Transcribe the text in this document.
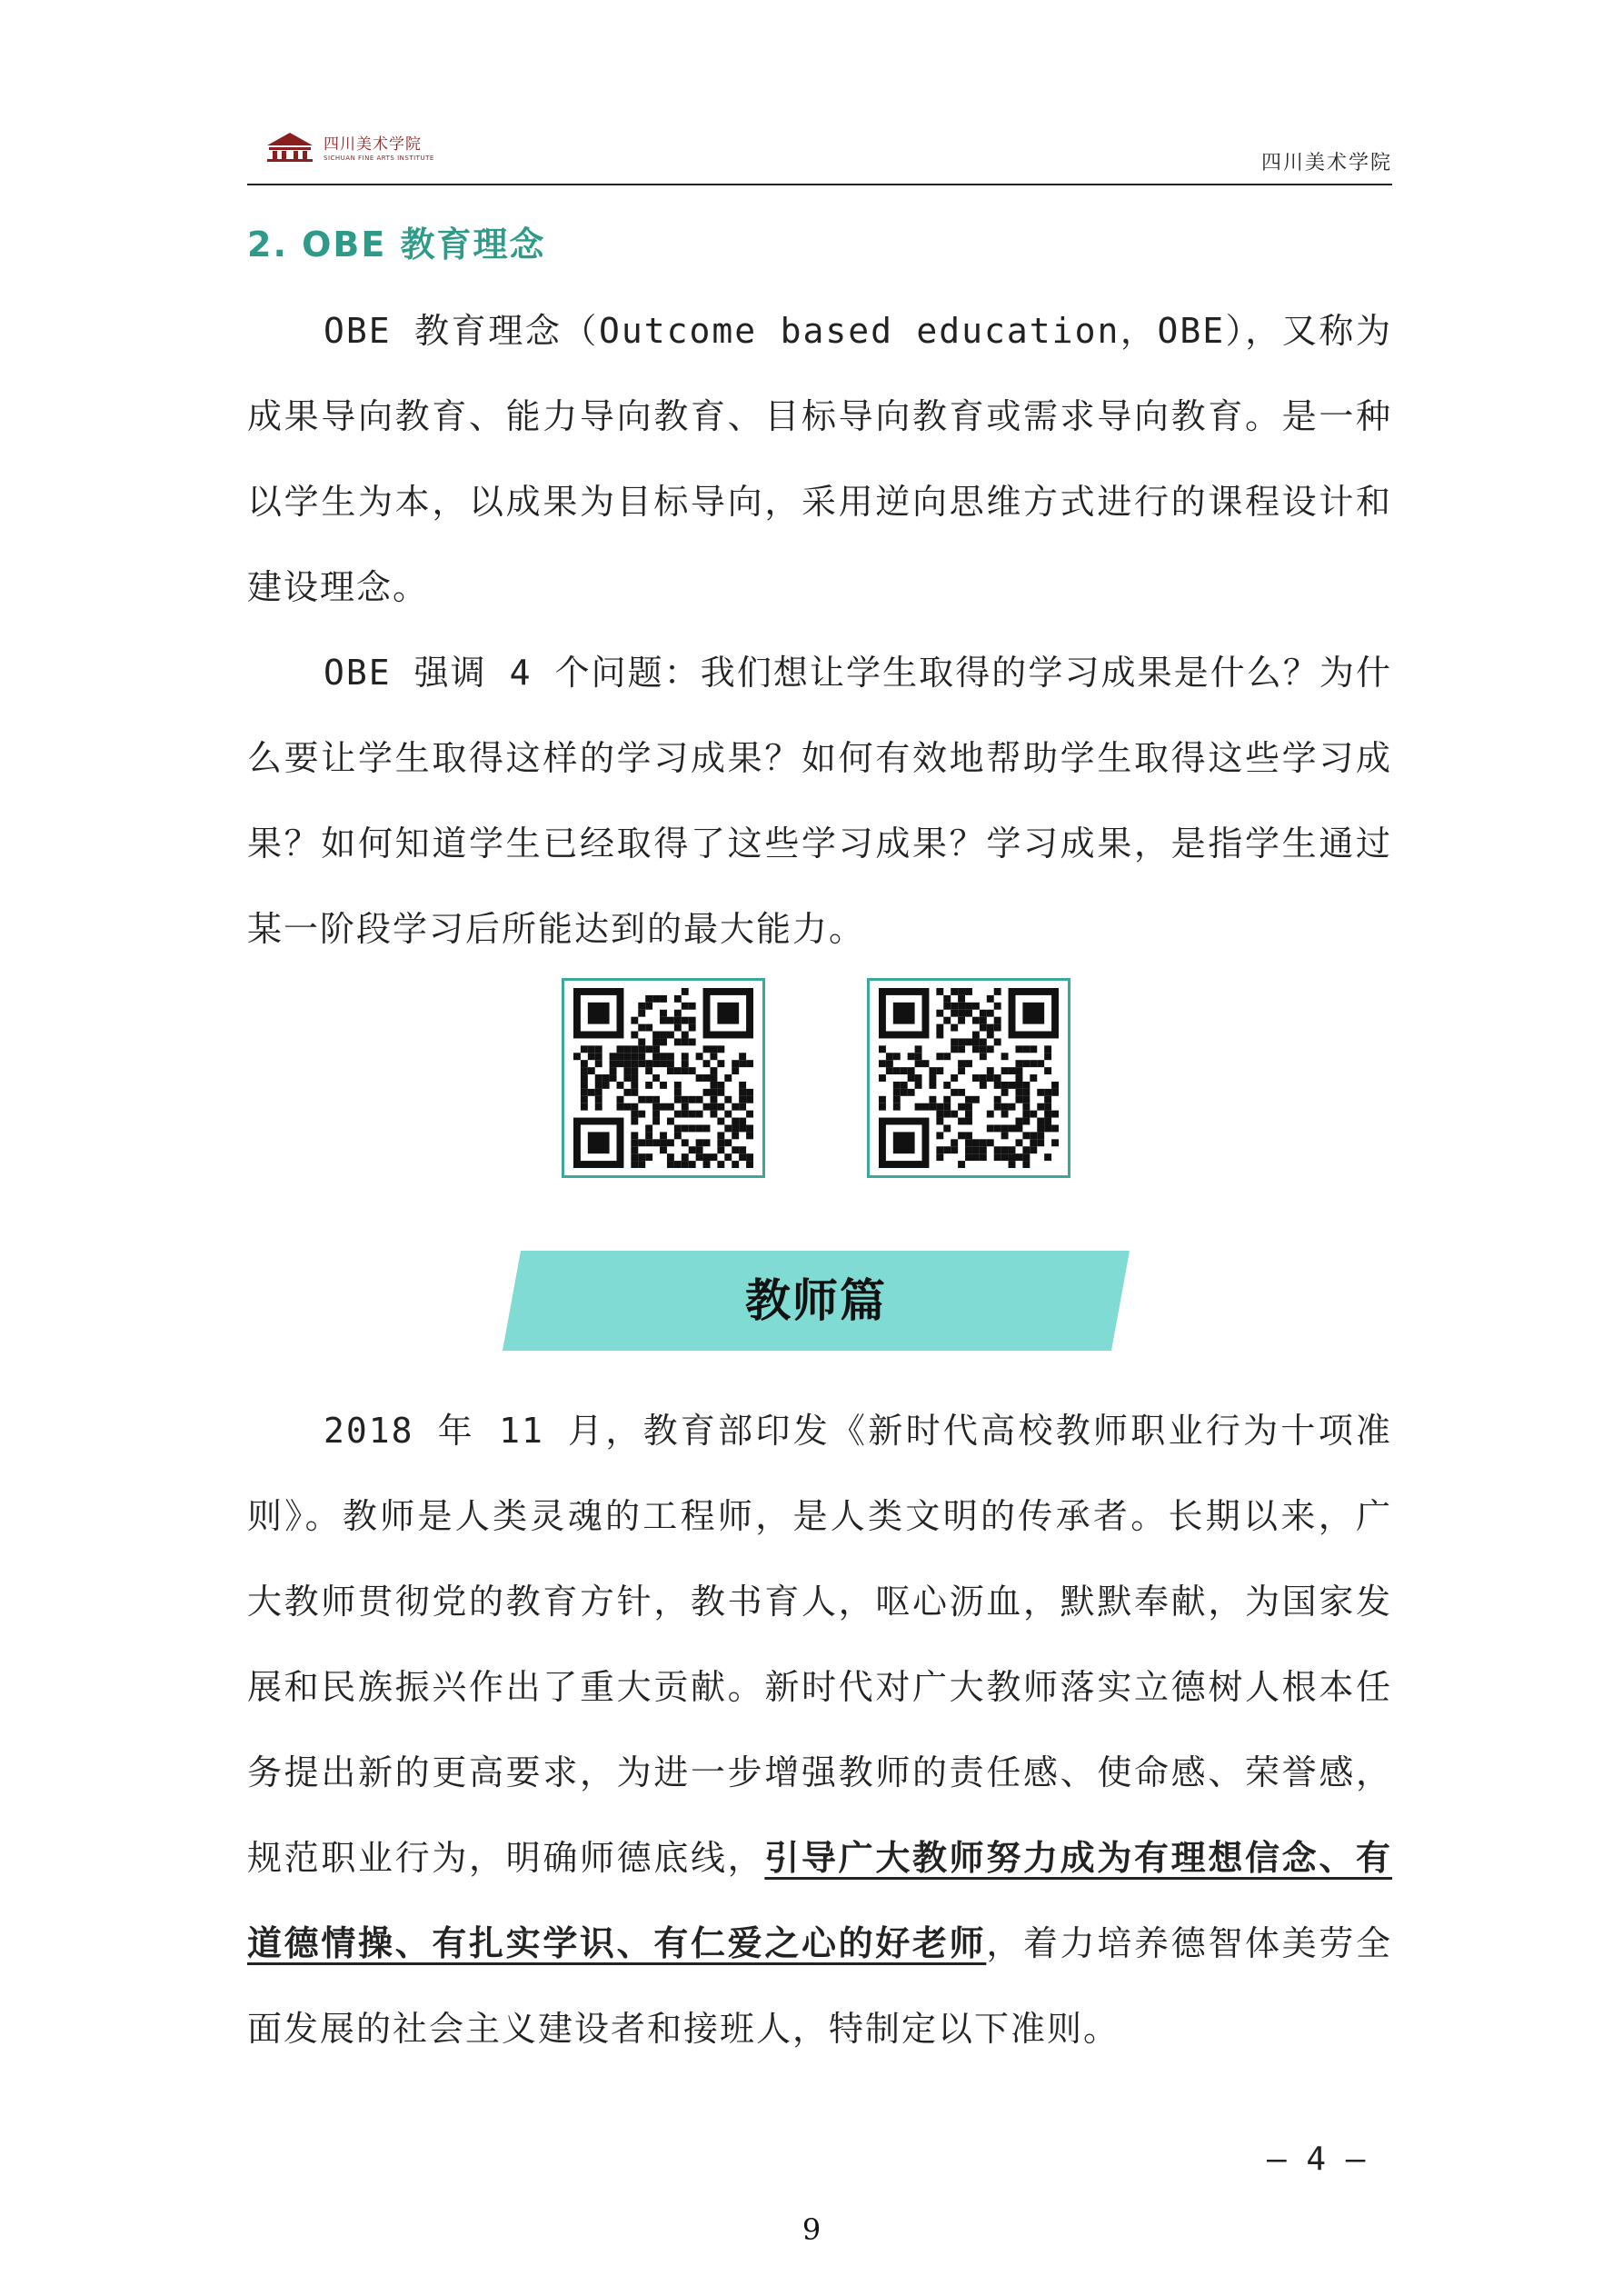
四川美术学院
SICHUAN FINE ARTS INSTITUTE	四川美术学院
2. OBE 教育理念

OBE 教育理念（Outcome based education，OBE），又称为成果导向教育、能力导向教育、目标导向教育或需求导向教育。是一种以学生为本，以成果为目标导向，采用逆向思维方式进行的课程设计和建设理念。

OBE 强调 4 个问题：我们想让学生取得的学习成果是什么？为什么要让学生取得这样的学习成果？如何有效地帮助学生取得这些学习成果？如何知道学生已经取得了这些学习成果？学习成果，是指学生通过某一阶段学习后所能达到的最大能力。

教师篇

2018 年 11 月，教育部印发《新时代高校教师职业行为十项准则》。教师是人类灵魂的工程师，是人类文明的传承者。长期以来，广大教师贯彻党的教育方针，教书育人，呕心沥血，默默奉献，为国家发展和民族振兴作出了重大贡献。新时代对广大教师落实立德树人根本任务提出新的更高要求，为进一步增强教师的责任感、使命感、荣誉感，规范职业行为，明确师德底线，引导广大教师努力成为有理想信念、有道德情操、有扎实学识、有仁爱之心的好老师，着力培养德智体美劳全面发展的社会主义建设者和接班人，特制定以下准则。

— 4 —
9
